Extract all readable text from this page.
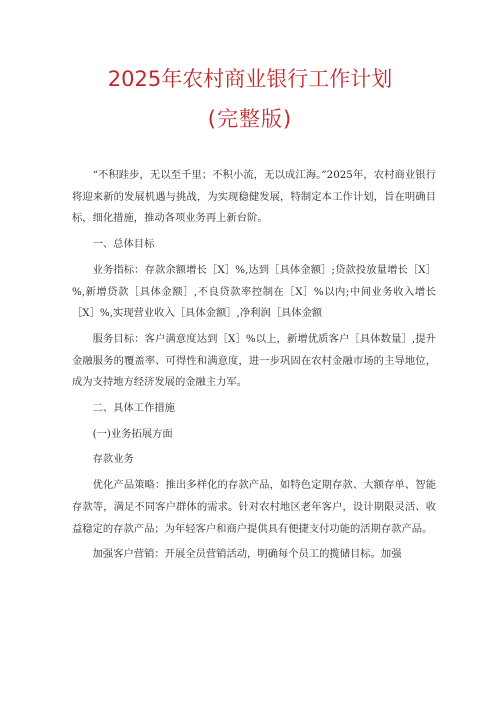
2025年农村商业银行工作计划
(完整版)

“不积跬步，无以至千里；不积小流，无以成江海。”2025年，农村商业银行将迎来新的发展机遇与挑战，为实现稳健发展，特制定本工作计划，旨在明确目标，细化措施，推动各项业务再上新台阶。

一、总体目标

业务指标：存款余额增长［X］%,达到［具体金额］;贷款投放量增长［X］%,新增贷款［具体金额］,不良贷款率控制在［X］%以内;中间业务收入增长［X］%,实现营业收入［具体金额］,净利润［具体金额

服务目标：客户满意度达到［X］%以上，新增优质客户［具体数量］,提升金融服务的覆盖率、可得性和满意度，进一步巩固在农村金融市场的主导地位，成为支持地方经济发展的金融主力军。

二、具体工作措施

(一)业务拓展方面

存款业务

优化产品策略：推出多样化的存款产品，如特色定期存款、大额存单、智能存款等，满足不同客户群体的需求。针对农村地区老年客户，设计期限灵活、收益稳定的存款产品；为年轻客户和商户提供具有便捷支付功能的活期存款产品。

加强客户营销：开展全员营销活动，明确每个员工的揽储目标。加强
